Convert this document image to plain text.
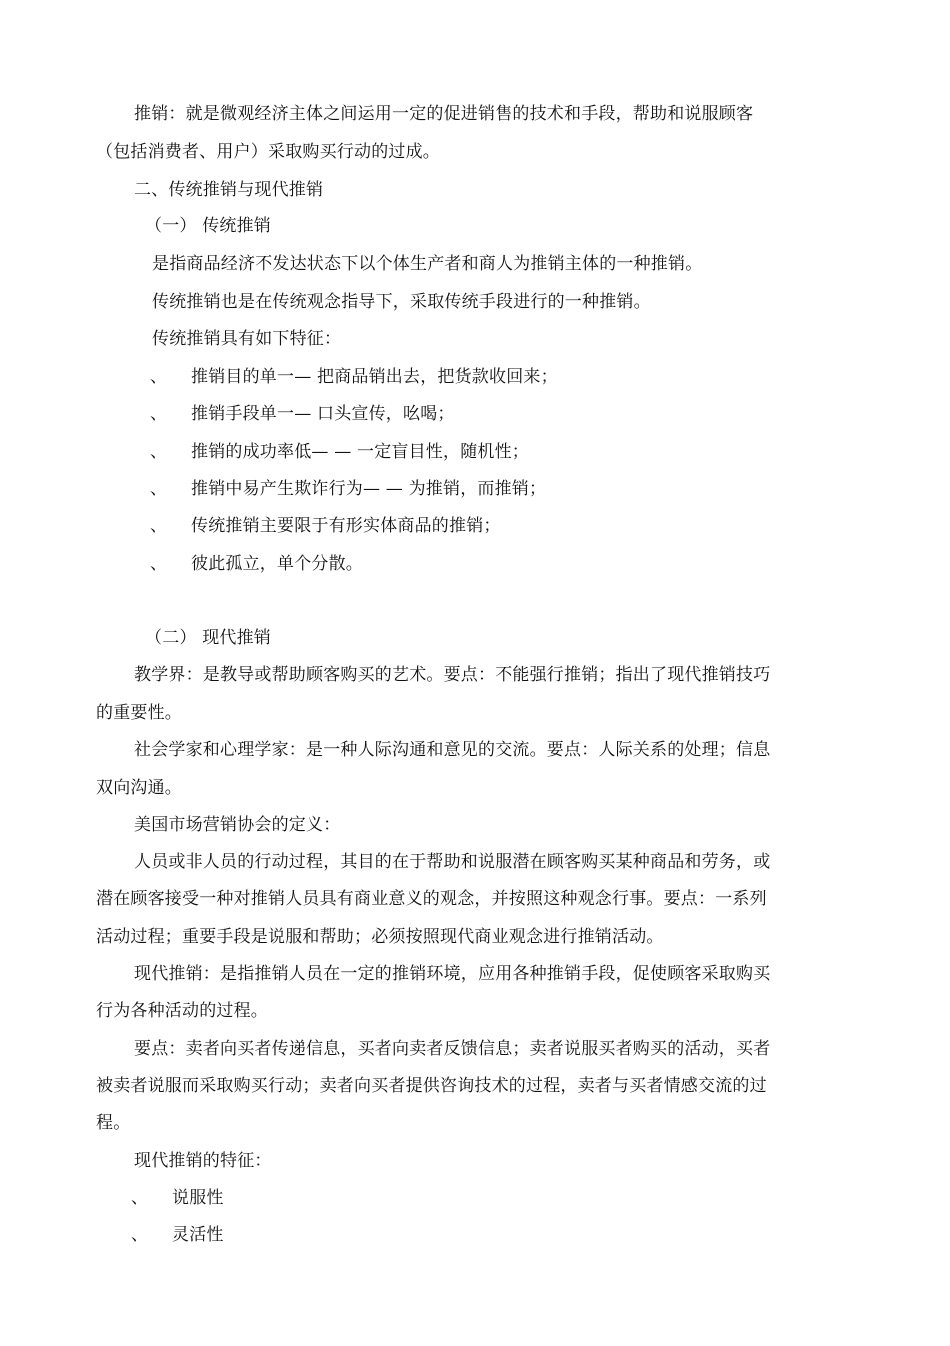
推销：就是微观经济主体之间运用一定的促进销售的技术和手段，帮助和说服顾客

（包括消费者、用户）采取购买行动的过成。

二、传统推销与现代推销

（一） 传统推销

是指商品经济不发达状态下以个体生产者和商人为推销主体的一种推销。

传统推销也是在传统观念指导下，采取传统手段进行的一种推销。

传统推销具有如下特征：

、 推销目的单一— 把商品销出去，把货款收回来；

、 推销手段单一— 口头宣传，吆喝；

、 推销的成功率低— — 一定盲目性，随机性；

、 推销中易产生欺诈行为— — 为推销，而推销；

、 传统推销主要限于有形实体商品的推销；

、 彼此孤立，单个分散。

（二） 现代推销

教学界：是教导或帮助顾客购买的艺术。要点：不能强行推销；指出了现代推销技巧

的重要性。

社会学家和心理学家：是一种人际沟通和意见的交流。要点：人际关系的处理；信息

双向沟通。

美国市场营销协会的定义：

人员或非人员的行动过程，其目的在于帮助和说服潜在顾客购买某种商品和劳务，或

潜在顾客接受一种对推销人员具有商业意义的观念，并按照这种观念行事。要点：一系列

活动过程；重要手段是说服和帮助；必须按照现代商业观念进行推销活动。

现代推销：是指推销人员在一定的推销环境，应用各种推销手段，促使顾客采取购买

行为各种活动的过程。

要点：卖者向买者传递信息，买者向卖者反馈信息；卖者说服买者购买的活动，买者

被卖者说服而采取购买行动；卖者向买者提供咨询技术的过程，卖者与买者情感交流的过

程。

现代推销的特征：

、 说服性

、 灵活性
